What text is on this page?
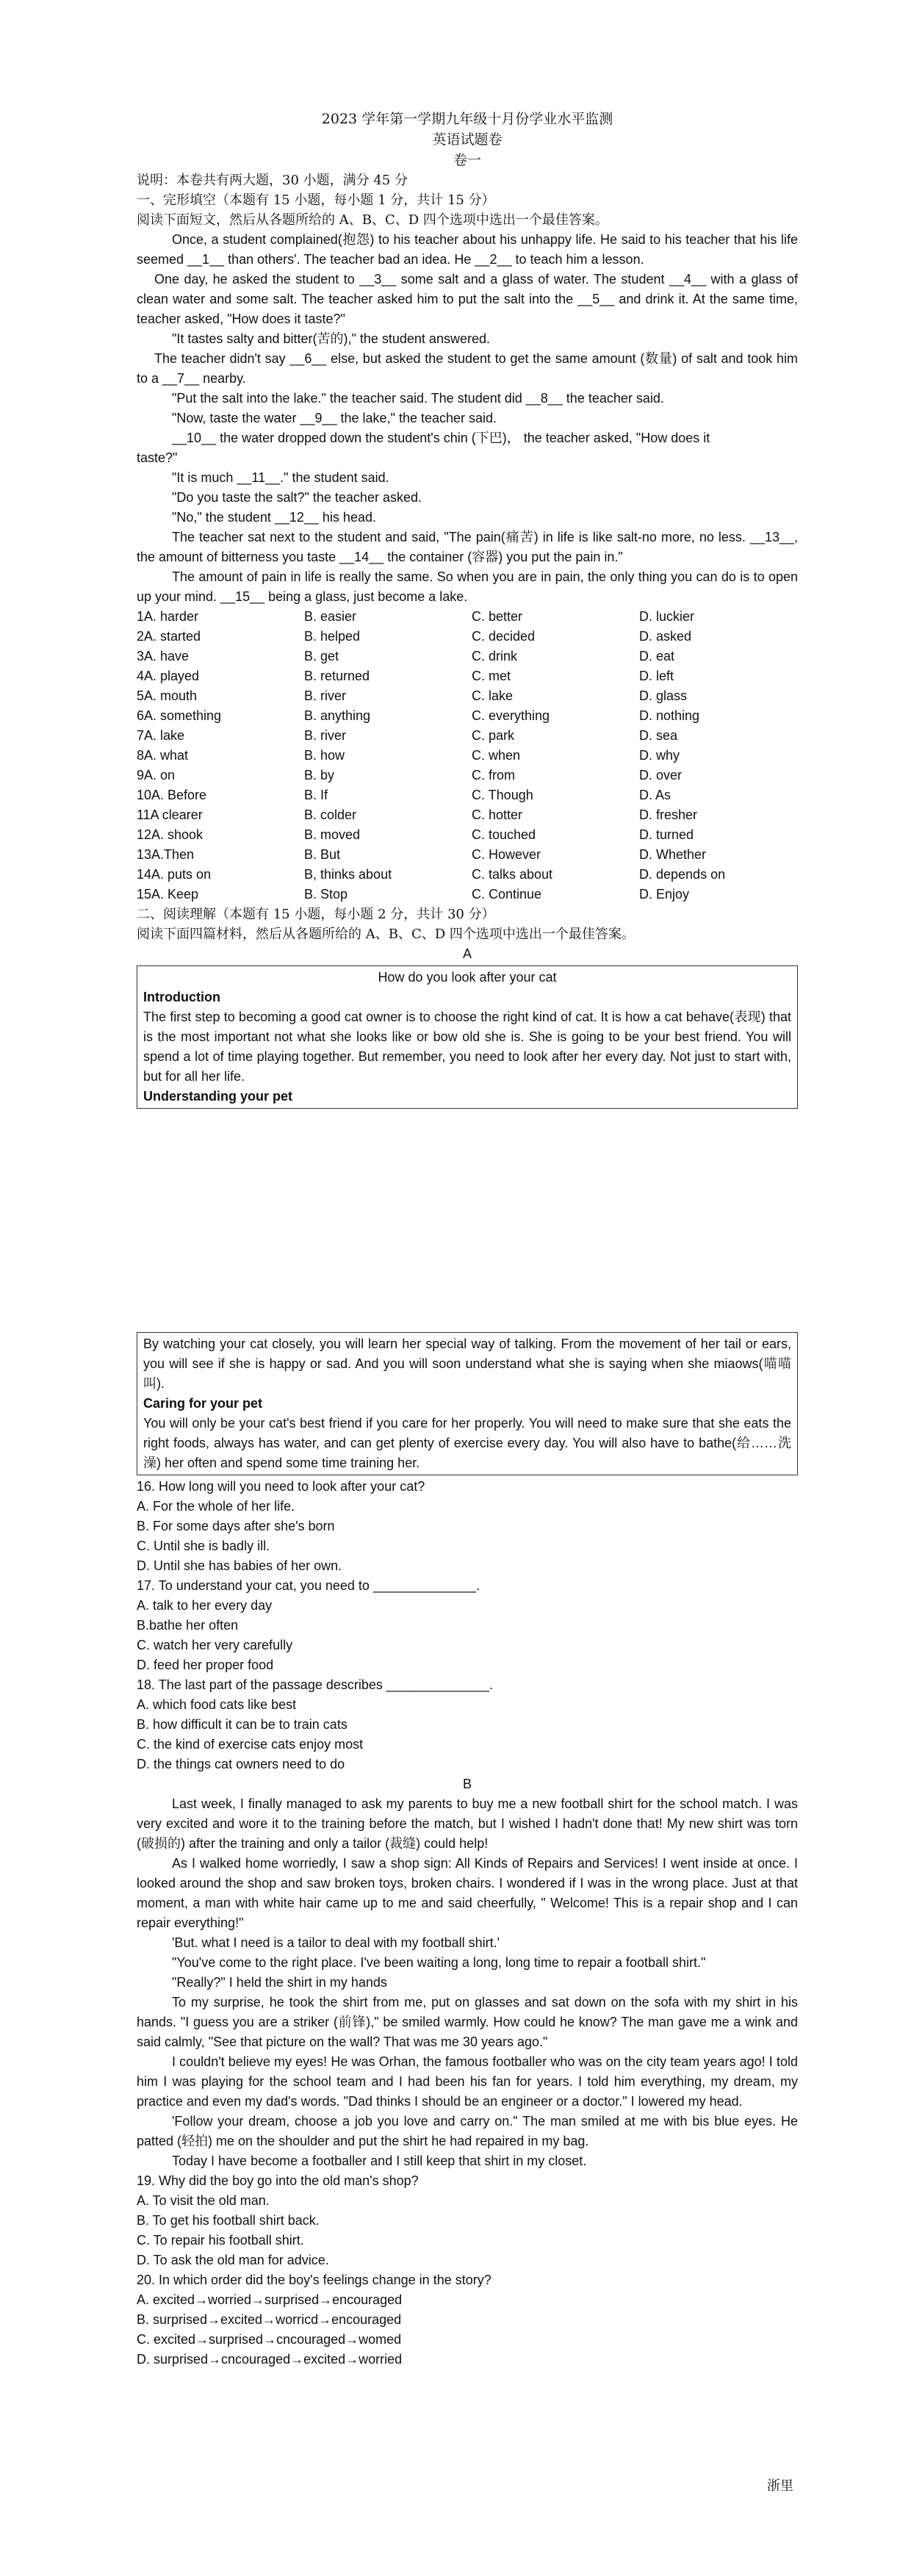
2023 学年第一学期九年级十月份学业水平监测
英语试题卷
卷一
说明：本卷共有两大题，30 小题，满分 45 分
一、完形填空（本题有 15 小题，每小题 1 分，共计 15 分）
阅读下面短文，然后从各题所给的 A、B、C、D 四个选项中选出一个最佳答案。

Once, a student complained(抱怨) to his teacher about his unhappy life. He said to his teacher that his life seemed __1__ than others'. The teacher bad an idea. He __2__ to teach him a lesson.

One day, he asked the student to __3__ some salt and a glass of water. The student __4__ with a glass of clean water and some salt. The teacher asked him to put the salt into the __5__ and drink it. At the same time, teacher asked, "How does it taste?"

"It tastes salty and bitter(苦的)," the student answered.

The teacher didn't say __6__ else, but asked the student to get the same amount (数量) of salt and took him to a __7__ nearby.

"Put the salt into the lake." the teacher said. The student did __8__ the teacher said.

"Now, taste the water __9__ the lake," the teacher said.

__10__ the water dropped down the student's chin (下巴)， the teacher asked, "How does it

taste?"

"It is much __11__." the student said.

"Do you taste the salt?" the teacher asked.

"No," the student __12__ his head.

The teacher sat next to the student and said, "The pain(痛苦) in life is like salt-no more, no less. __13__, the amount of bitterness you taste __14__ the container (容器) you put the pain in."

The amount of pain in life is really the same. So when you are in pain, the only thing you can do is to open up your mind. __15__ being a glass, just become a lake.

1A. harder	B. easier	C. better	D. luckier
2A. started	B. helped	C. decided	D. asked
3A. have	B. get	C. drink	D. eat
4A. played	B. returned	C. met	D. left
5A. mouth	B. river	C. lake	D. glass
6A. something	B. anything	C. everything	D. nothing
7A. lake	B. river	C. park	D. sea
8A. what	B. how	C. when	D. why
9A. on	B. by	C. from	D. over
10A. Before	B. If	C. Though	D. As
11A clearer	B. colder	C. hotter	D. fresher
12A. shook	B. moved	C. touched	D. turned
13A.Then	B. But	C. However	D. Whether
14A. puts on	B, thinks about	C. talks about	D. depends on
15A. Keep	B. Stop	C. Continue	D. Enjoy
二、阅读理解（本题有 15 小题，每小题 2 分，共计 30 分）
阅读下面四篇材料，然后从各题所给的 A、B、C、D 四个选项中选出一个最佳答案。
A
How do you look after your cat
Introduction

The first step to becoming a good cat owner is to choose the right kind of cat. It is how a cat behave(表现) that is the most important not what she looks like or bow old she is. She is going to be your best friend. You will spend a lot of time playing together. But remember, you need to look after her every day. Not just to start with, but for all her life.

Understanding your pet

By watching your cat closely, you will learn her special way of talking. From the movement of her tail or ears, you will see if she is happy or sad. And you will soon understand what she is saying when she miaows(喵喵叫).

Caring for your pet

You will only be your cat's best friend if you care for her properly. You will need to make sure that she eats the right foods, always has water, and can get plenty of exercise every day. You will also have to bathe(给……洗澡) her often and spend some time training her.

16. How long will you need to look after your cat?
A. For the whole of her life.
B. For some days after she's born
C. Until she is badly ill.
D. Until she has babies of her own.
17. To understand your cat, you need to ______________.
A. talk to her every day
B.bathe her often
C. watch her very carefully
D. feed her proper food
18. The last part of the passage describes ______________.
A. which food cats like best
B. how difficult it can be to train cats
C. the kind of exercise cats enjoy most
D. the things cat owners need to do
B

Last week, I finally managed to ask my parents to buy me a new football shirt for the school match. I was very excited and wore it to the training before the match, but I wished I hadn't done that! My new shirt was torn (破损的) after the training and only a tailor (裁缝) could help!

As I walked home worriedly, I saw a shop sign: All Kinds of Repairs and Services! I went inside at once. I looked around the shop and saw broken toys, broken chairs. I wondered if I was in the wrong place. Just at that moment, a man with white hair came up to me and said cheerfully, " Welcome! This is a repair shop and I can repair everything!"

'But. what I need is a tailor to deal with my football shirt.'

"You've come to the right place. I've been waiting a long, long time to repair a football shirt."

"Really?" I held the shirt in my hands

To my surprise, he took the shirt from me, put on glasses and sat down on the sofa with my shirt in his hands. "I guess you are a striker (前锋)," be smiled warmly. How could he know? The man gave me a wink and said calmly, "See that picture on the wall? That was me 30 years ago."

I couldn't believe my eyes! He was Orhan, the famous footballer who was on the city team years ago! I told him I was playing for the school team and I had been his fan for years. I told him everything, my dream, my practice and even my dad's words. "Dad thinks I should be an engineer or a doctor." I lowered my head.

'Follow your dream, choose a job you love and carry on." The man smiled at me with bis blue eyes. He patted (轻拍) me on the shoulder and put the shirt he had repaired in my bag.

Today I have become a footballer and I still keep that shirt in my closet.

19. Why did the boy go into the old man's shop?
A. To visit the old man.
B. To get his football shirt back.
C. To repair his football shirt.
D. To ask the old man for advice.
20. In which order did the boy's feelings change in the story?
A. excited→worried→surprised→encouraged
B. surprised→excited→worricd→encouraged
C. excited→surprised→cncouraged→womed
D. surprised→cncouraged→excited→worried
浙里
